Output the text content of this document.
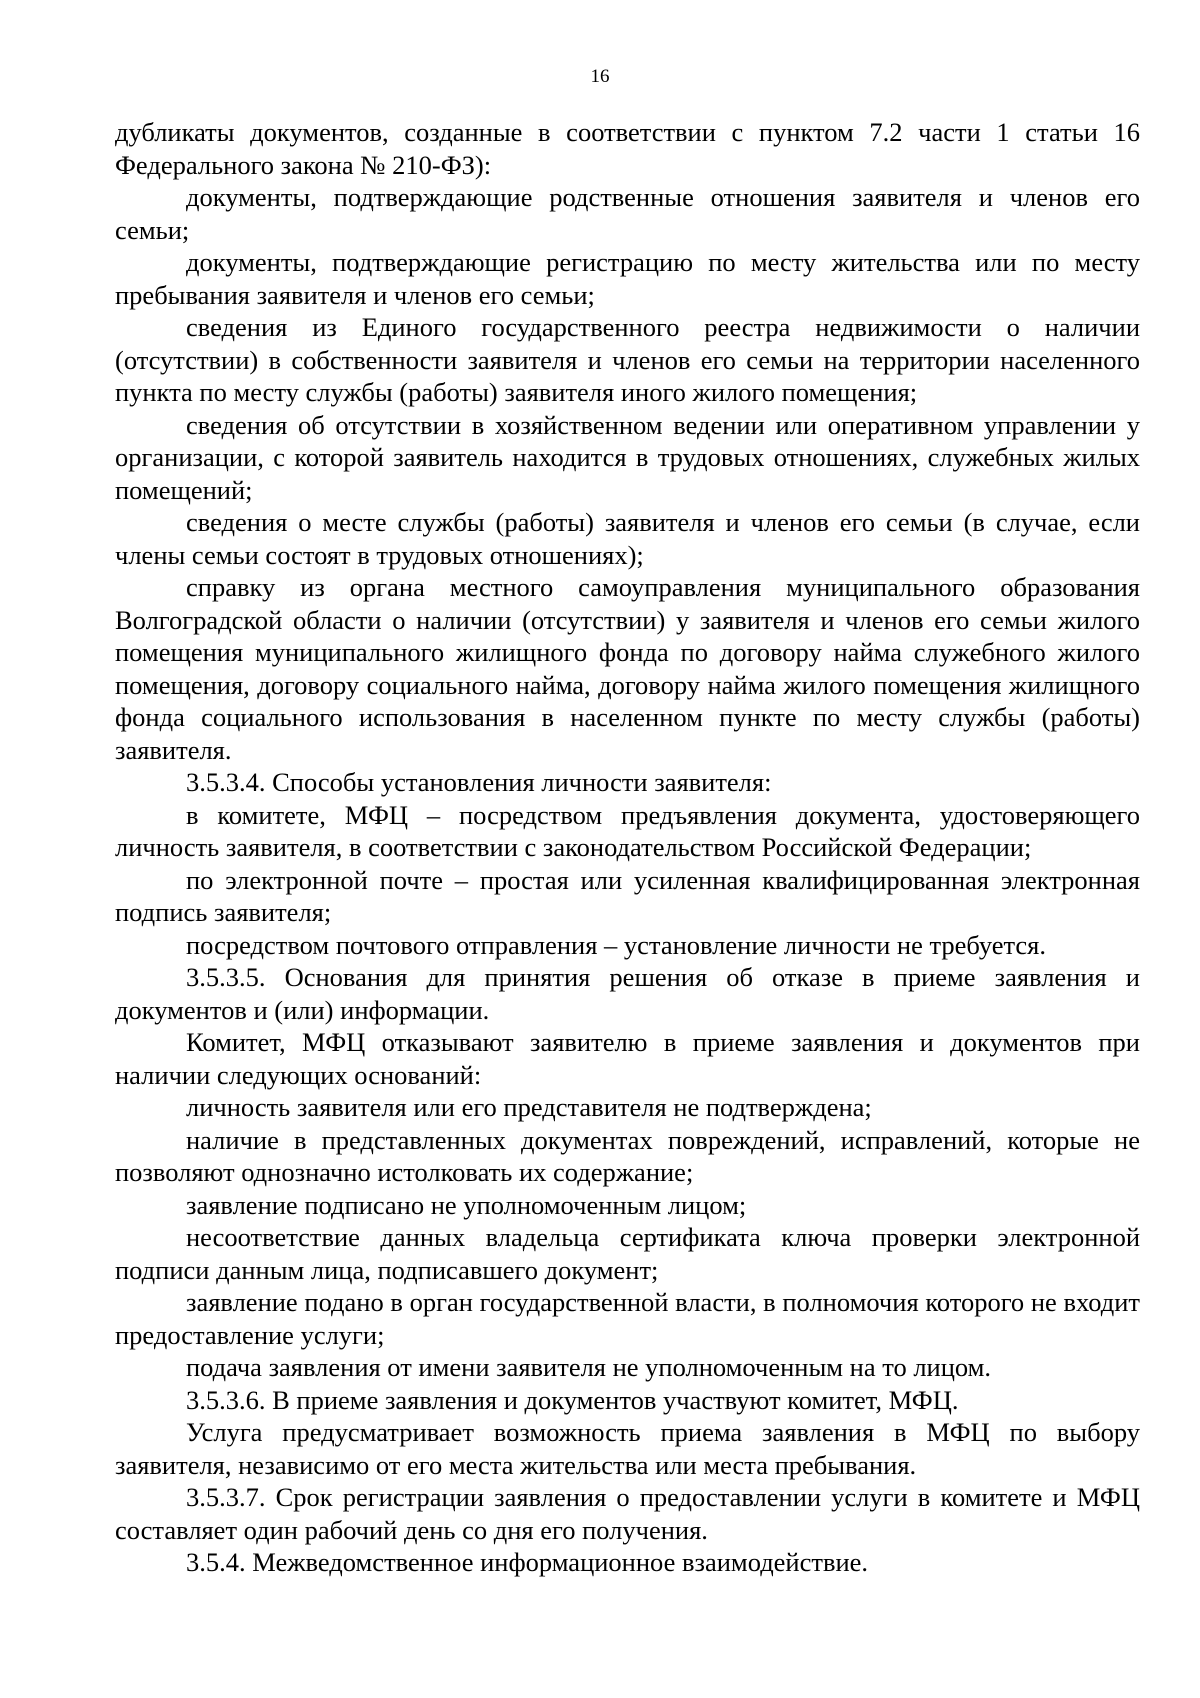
16

дубликаты документов, созданные в соответствии с пунктом 7.2 части 1 статьи 16 Федерального закона № 210-ФЗ):

документы, подтверждающие родственные отношения заявителя и членов его семьи;

документы, подтверждающие регистрацию по месту жительства или по месту пребывания заявителя и членов его семьи;

сведения из Единого государственного реестра недвижимости о наличии (отсутствии) в собственности заявителя и членов его семьи на территории населенного пункта по месту службы (работы) заявителя иного жилого помещения;

сведения об отсутствии в хозяйственном ведении или оперативном управлении у организации, с которой заявитель находится в трудовых отношениях, служебных жилых помещений;

сведения о месте службы (работы) заявителя и членов его семьи (в случае, если члены семьи состоят в трудовых отношениях);

справку из органа местного самоуправления муниципального образования Волгоградской области о наличии (отсутствии) у заявителя и членов его семьи жилого помещения муниципального жилищного фонда по договору найма служебного жилого помещения, договору социального найма, договору найма жилого помещения жилищного фонда социального использования в населенном пункте по месту службы (работы) заявителя.

3.5.3.4. Способы установления личности заявителя:

в комитете, МФЦ – посредством предъявления документа, удостоверяющего личность заявителя, в соответствии с законодательством Российской Федерации;

по электронной почте – простая или усиленная квалифицированная электронная подпись заявителя;

посредством почтового отправления – установление личности не требуется.

3.5.3.5. Основания для принятия решения об отказе в приеме заявления и документов и (или) информации.

Комитет, МФЦ отказывают заявителю в приеме заявления и документов при наличии следующих оснований:

личность заявителя или его представителя не подтверждена;

наличие в представленных документах повреждений, исправлений, которые не позволяют однозначно истолковать их содержание;

заявление подписано не уполномоченным лицом;

несоответствие данных владельца сертификата ключа проверки электронной подписи данным лица, подписавшего документ;

заявление подано в орган государственной власти, в полномочия которого не входит предоставление услуги;

подача заявления от имени заявителя не уполномоченным на то лицом.

3.5.3.6. В приеме заявления и документов участвуют комитет, МФЦ.

Услуга предусматривает возможность приема заявления в МФЦ по выбору заявителя, независимо от его места жительства или места пребывания.

3.5.3.7. Срок регистрации заявления о предоставлении услуги в комитете и МФЦ составляет один рабочий день со дня его получения.

3.5.4. Межведомственное информационное взаимодействие.
